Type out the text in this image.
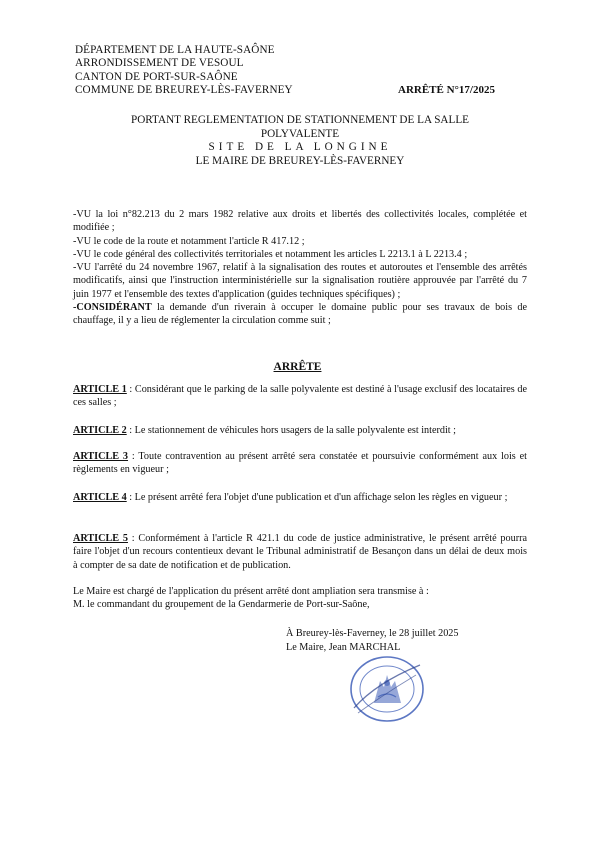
DÉPARTEMENT DE LA HAUTE-SAÔNE
ARRONDISSEMENT DE VESOUL
CANTON DE PORT-SUR-SAÔNE
COMMUNE DE BREUREY-LÈS-FAVERNEY	ARRÊTÉ N°17/2025
PORTANT REGLEMENTATION DE STATIONNEMENT DE LA SALLE
POLYVALENTE
SITE DE LA LONGINE
LE MAIRE DE BREUREY-LÈS-FAVERNEY

-VU la loi n°82.213 du 2 mars 1982 relative aux droits et libertés des collectivités locales, complétée et modifiée ;

-VU le code de la route et notamment l'article R 417.12 ;

-VU le code général des collectivités territoriales et notamment les articles L 2213.1 à L 2213.4 ;

-VU l'arrêté du 24 novembre 1967, relatif à la signalisation des routes et autoroutes et l'ensemble des arrêtés modificatifs, ainsi que l'instruction interministérielle sur la signalisation routière approuvée par l'arrêté du 7 juin 1977 et l'ensemble des textes d'application (guides techniques spécifiques) ;

-CONSIDÉRANT la demande d'un riverain à occuper le domaine public pour ses travaux de bois de chauffage, il y a lieu de réglementer la circulation comme suit ;

ARRÊTE

ARTICLE 1 : Considérant que le parking de la salle polyvalente est destiné à l'usage exclusif des locataires de ces salles ;

ARTICLE 2 : Le stationnement de véhicules hors usagers de la salle polyvalente est interdit ;

ARTICLE 3 : Toute contravention au présent arrêté sera constatée et poursuivie conformément aux lois et règlements en vigueur ;

ARTICLE 4 : Le présent arrêté fera l'objet d'une publication et d'un affichage selon les règles en vigueur ;

ARTICLE 5 : Conformément à l'article R 421.1 du code de justice administrative, le présent arrêté pourra faire l'objet d'un recours contentieux devant le Tribunal administratif de Besançon dans un délai de deux mois à compter de sa date de notification et de publication.

Le Maire est chargé de l'application du présent arrêté dont ampliation sera transmise à :
M. le commandant du groupement de la Gendarmerie de Port-sur-Saône,
À Breurey-lès-Faverney, le 28 juillet 2025
Le Maire, Jean MARCHAL
